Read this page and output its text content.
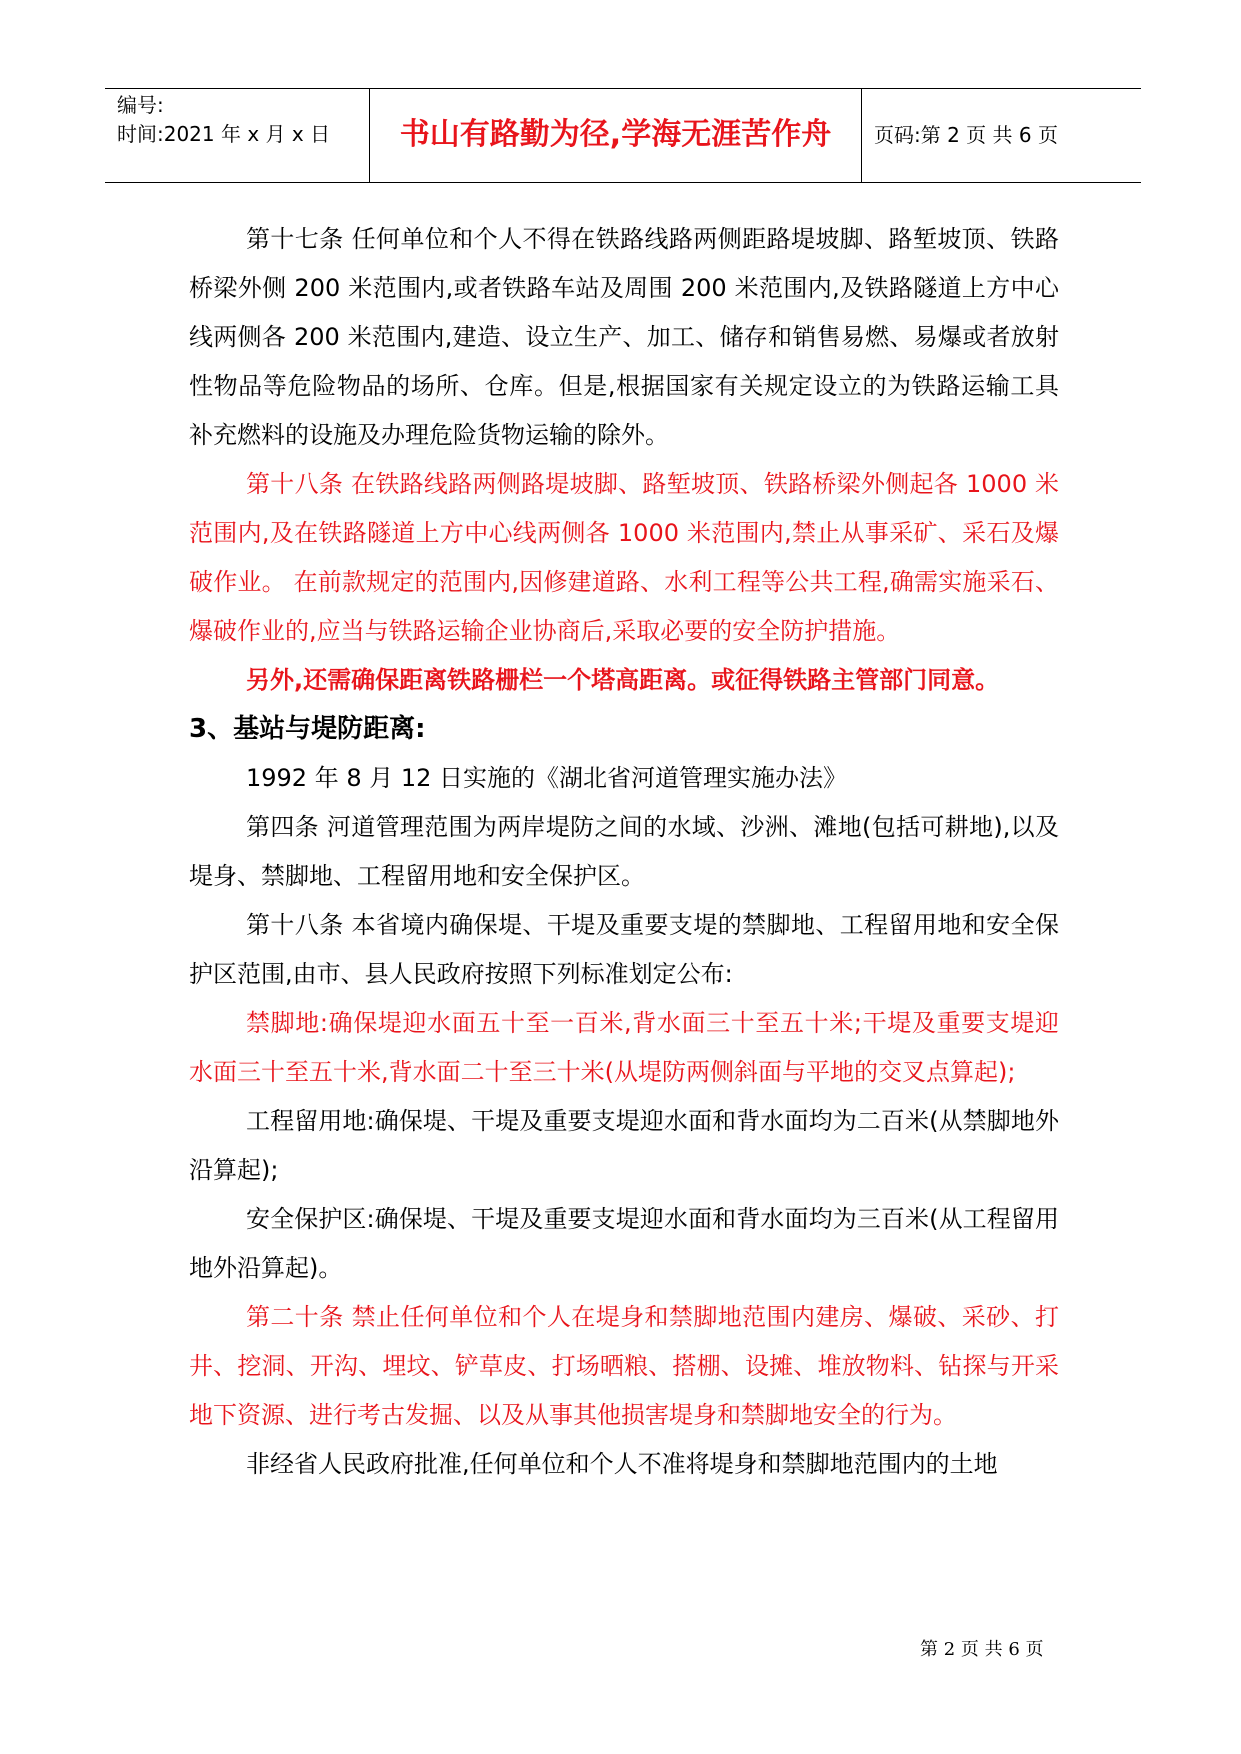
编号:
时间:2021 年 x 月 x 日	书山有路勤为径,学海无涯苦作舟	页码:第 2 页 共 6 页

第十七条 任何单位和个人不得在铁路线路两侧距路堤坡脚、路堑坡顶、铁路桥梁外侧 200 米范围内,或者铁路车站及周围 200 米范围内,及铁路隧道上方中心线两侧各 200 米范围内,建造、设立生产、加工、储存和销售易燃、易爆或者放射性物品等危险物品的场所、仓库。但是,根据国家有关规定设立的为铁路运输工具补充燃料的设施及办理危险货物运输的除外。

第十八条 在铁路线路两侧路堤坡脚、路堑坡顶、铁路桥梁外侧起各 1000 米范围内,及在铁路隧道上方中心线两侧各 1000 米范围内,禁止从事采矿、采石及爆破作业。 在前款规定的范围内,因修建道路、水利工程等公共工程,确需实施采石、爆破作业的,应当与铁路运输企业协商后,采取必要的安全防护措施。

另外,还需确保距离铁路栅栏一个塔高距离。或征得铁路主管部门同意。

3、基站与堤防距离:

1992 年 8 月 12 日实施的《湖北省河道管理实施办法》

第四条 河道管理范围为两岸堤防之间的水域、沙洲、滩地(包括可耕地),以及堤身、禁脚地、工程留用地和安全保护区。

第十八条 本省境内确保堤、干堤及重要支堤的禁脚地、工程留用地和安全保护区范围,由市、县人民政府按照下列标准划定公布:

禁脚地:确保堤迎水面五十至一百米,背水面三十至五十米;干堤及重要支堤迎水面三十至五十米,背水面二十至三十米(从堤防两侧斜面与平地的交叉点算起);

工程留用地:确保堤、干堤及重要支堤迎水面和背水面均为二百米(从禁脚地外沿算起);

安全保护区:确保堤、干堤及重要支堤迎水面和背水面均为三百米(从工程留用地外沿算起)。

第二十条 禁止任何单位和个人在堤身和禁脚地范围内建房、爆破、采砂、打井、挖洞、开沟、埋坟、铲草皮、打场晒粮、搭棚、设摊、堆放物料、钻探与开采地下资源、进行考古发掘、以及从事其他损害堤身和禁脚地安全的行为。

非经省人民政府批准,任何单位和个人不准将堤身和禁脚地范围内的土地

第 2 页 共 6 页
